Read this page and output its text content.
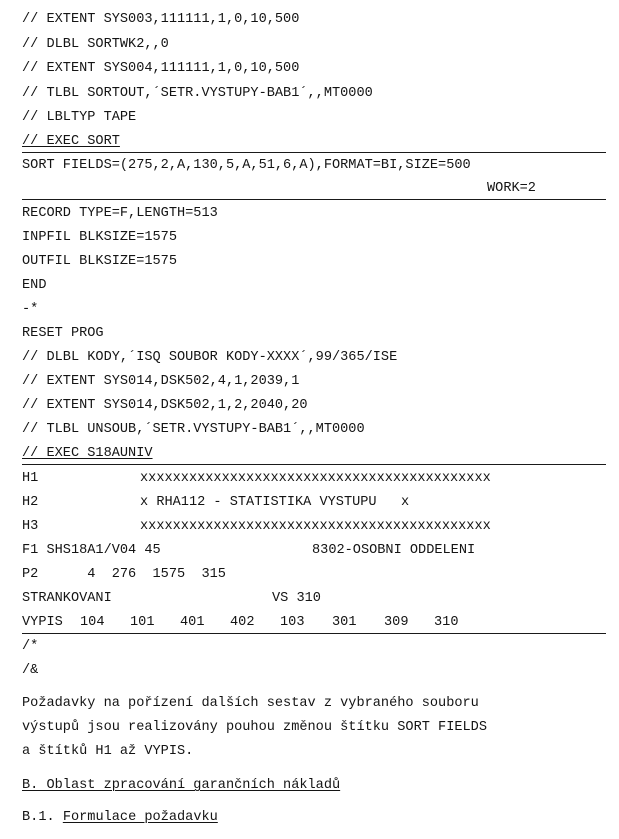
// EXTENT SYS003,111111,1,0,10,500
// DLBL SORTWK2,,0
// EXTENT SYS004,111111,1,0,10,500
// TLBL SORTOUT,´SETR.VYSTUPY-BAB1´,,MT0000
// LBLTYP TAPE
// EXEC SORT
SORT FIELDS=(275,2,A,130,5,A,51,6,A),FORMAT=BI,SIZE=500
WORK=2
RECORD TYPE=F,LENGTH=513
INPFIL BLKSIZE=1575
OUTFIL BLKSIZE=1575
END
-*
RESET PROG
// DLBL KODY,´ISQ SOUBOR KODY-XXXX´,99/365/ISE
// EXTENT SYS014,DSK502,4,1,2039,1
// EXTENT SYS014,DSK502,1,2,2040,20
// TLBL UNSOUB,´SETR.VYSTUPY-BAB1´,,MT0000
// EXEC S18AUNIV
H1	xxxxxxxxxxxxxxxxxxxxxxxxxxxxxxxxxxxxxxxxxxx
H2	x RHA112 - STATISTIKA VYSTUPU   x
H3	xxxxxxxxxxxxxxxxxxxxxxxxxxxxxxxxxxxxxxxxxxx
F1 SHS18A1/V04 45	8302-OSOBNI ODDELENI
P2      4  276  1575  315
STRANKOVANI	VS 310
VYPIS 104 101 401 402 103 301 309 310
/*
/&
Požadavky na pořízení dalších sestav z vybraného souboru
výstupů jsou realizovány pouhou změnou štítku SORT FIELDS
a štítků H1 až VYPIS.
B. Oblast zpracování garančních nákladů
B.1. Formulace požadavku
